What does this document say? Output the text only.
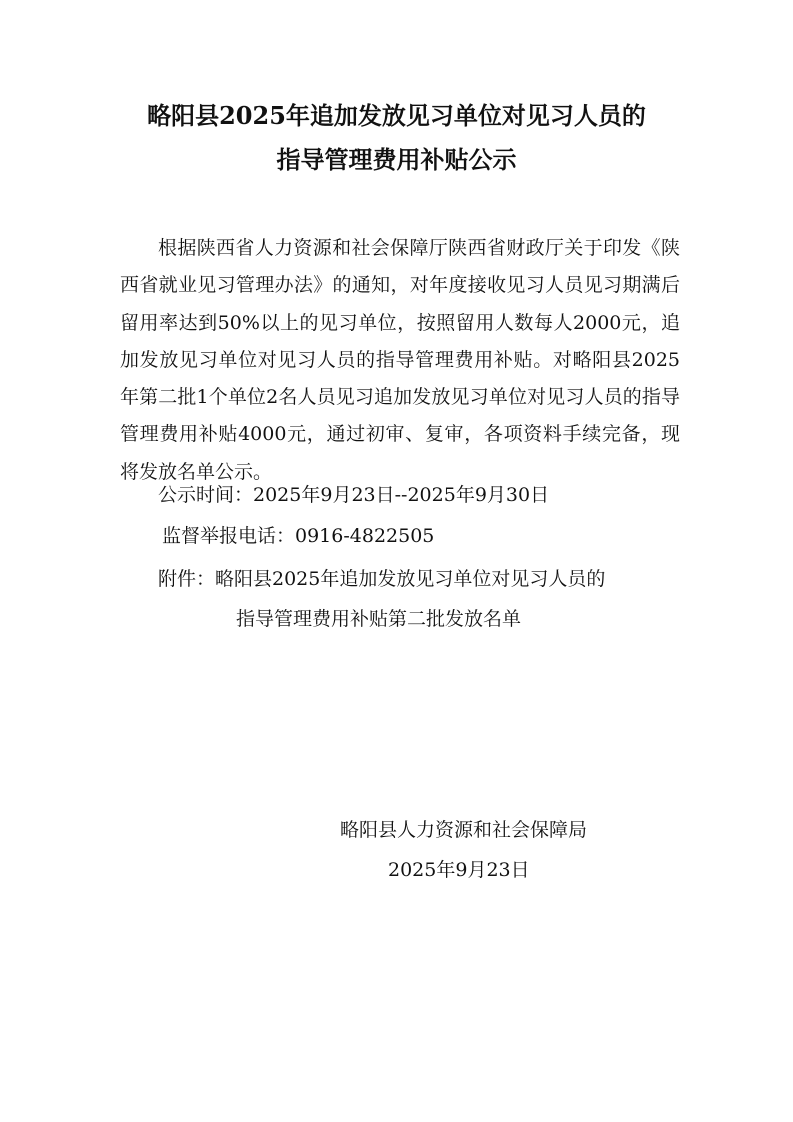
略阳县2025年追加发放见习单位对见习人员的
指导管理费用补贴公示

根据陕西省人力资源和社会保障厅陕西省财政厅关于印发《陕西省就业见习管理办法》的通知，对年度接收见习人员见习期满后留用率达到50%以上的见习单位，按照留用人数每人2000元，追加发放见习单位对见习人员的指导管理费用补贴。对略阳县2025年第二批1个单位2名人员见习追加发放见习单位对见习人员的指导管理费用补贴4000元，通过初审、复审，各项资料手续完备，现将发放名单公示。

公示时间：2025年9月23日--2025年9月30日
监督举报电话：0916-4822505
附件：略阳县2025年追加发放见习单位对见习人员的
指导管理费用补贴第二批发放名单
略阳县人力资源和社会保障局
2025年9月23日
